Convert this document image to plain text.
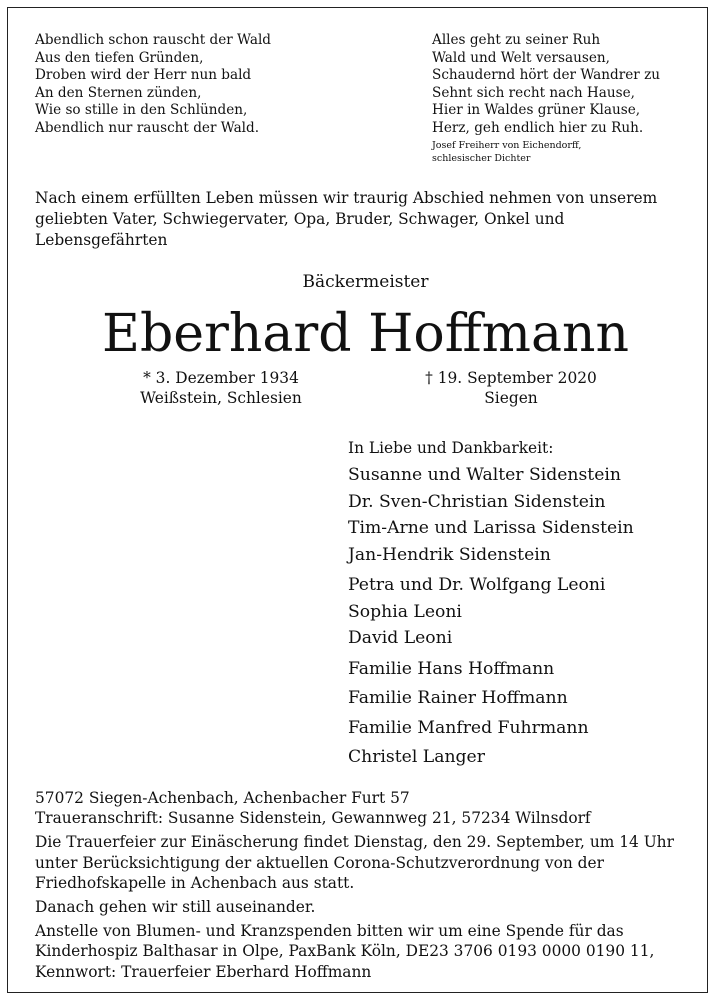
Abendlich schon rauscht der Wald
Aus den tiefen Gründen,
Droben wird der Herr nun bald
An den Sternen zünden,
Wie so stille in den Schlünden,
Abendlich nur rauscht der Wald.
Alles geht zu seiner Ruh
Wald und Welt versausen,
Schaudernd hört der Wandrer zu
Sehnt sich recht nach Hause,
Hier in Waldes grüner Klause,
Herz, geh endlich hier zu Ruh.
Josef Freiherr von Eichendorff,
schlesischer Dichter
Nach einem erfüllten Leben müssen wir traurig Abschied nehmen von unserem geliebten Vater, Schwiegervater, Opa, Bruder, Schwager, Onkel und Lebensgefährten
Bäckermeister
Eberhard Hoffmann
* 3. Dezember 1934
Weißstein, Schlesien
† 19. September 2020
Siegen
In Liebe und Dankbarkeit:
Susanne und Walter Sidenstein
Dr. Sven-Christian Sidenstein
Tim-Arne und Larissa Sidenstein
Jan-Hendrik Sidenstein
Petra und Dr. Wolfgang Leoni
Sophia Leoni
David Leoni
Familie Hans Hoffmann
Familie Rainer Hoffmann
Familie Manfred Fuhrmann
Christel Langer

57072 Siegen-Achenbach, Achenbacher Furt 57

Traueranschrift: Susanne Sidenstein, Gewannweg 21, 57234 Wilnsdorf

Die Trauerfeier zur Einäscherung findet Dienstag, den 29. September, um 14 Uhr unter Berücksichtigung der aktuellen Corona-Schutzverordnung von der Friedhofskapelle in Achenbach aus statt.

Danach gehen wir still auseinander.

Anstelle von Blumen- und Kranzspenden bitten wir um eine Spende für das Kinderhospiz Balthasar in Olpe, PaxBank Köln, DE23 3706 0193 0000 0190 11, Kennwort: Trauerfeier Eberhard Hoffmann
